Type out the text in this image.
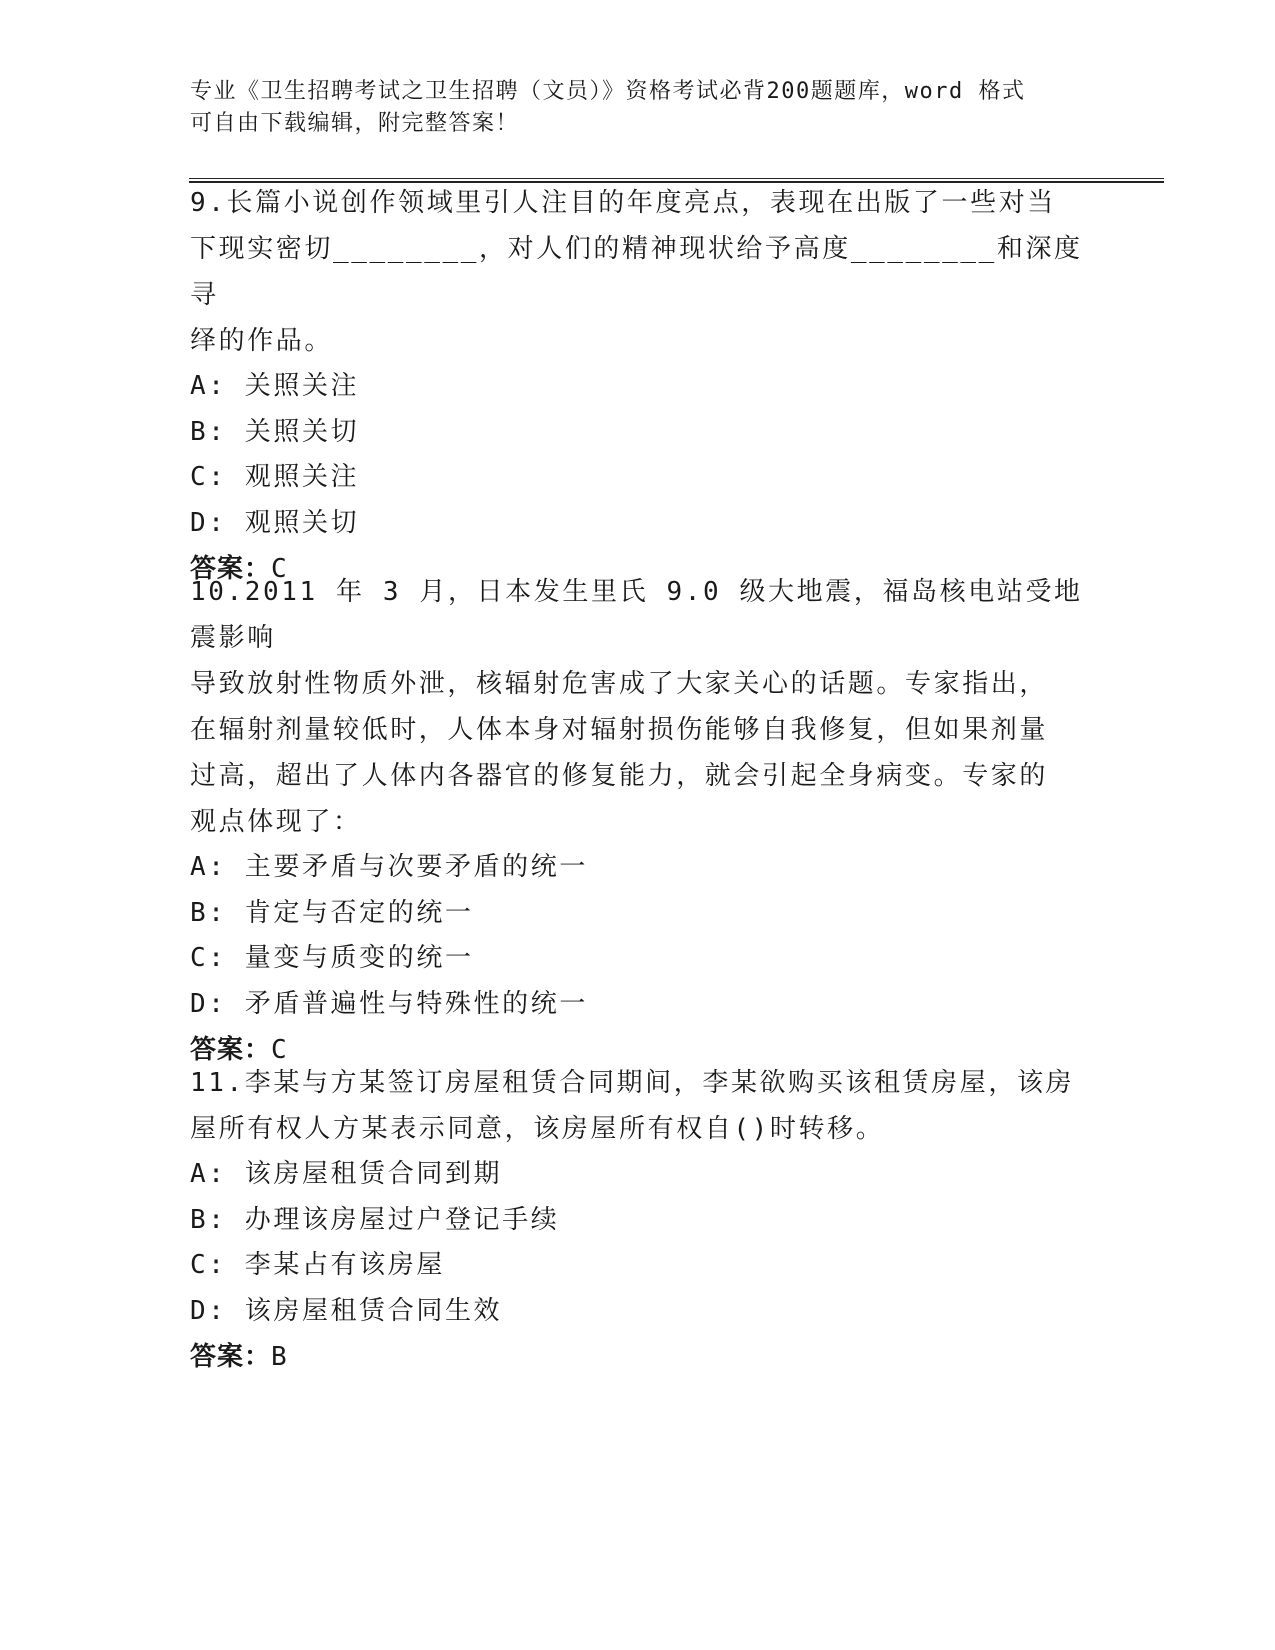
专业《卫生招聘考试之卫生招聘（文员）》资格考试必背200题题库，word 格式
可自由下载编辑，附完整答案！

9.长篇小说创作领域里引人注目的年度亮点，表现在出版了一些对当

下现实密切________，对人们的精神现状给予高度________和深度寻

绎的作品。

A: 关照关注

B: 关照关切

C: 观照关注

D: 观照关切

答案：C

10.2011 年 3 月，日本发生里氏 9.0 级大地震，福岛核电站受地震影响

导致放射性物质外泄，核辐射危害成了大家关心的话题。专家指出，

在辐射剂量较低时，人体本身对辐射损伤能够自我修复，但如果剂量

过高，超出了人体内各器官的修复能力，就会引起全身病变。专家的

观点体现了：

A: 主要矛盾与次要矛盾的统一

B: 肯定与否定的统一

C: 量变与质变的统一

D: 矛盾普遍性与特殊性的统一

答案：C

11.李某与方某签订房屋租赁合同期间，李某欲购买该租赁房屋，该房

屋所有权人方某表示同意，该房屋所有权自()时转移。

A: 该房屋租赁合同到期

B: 办理该房屋过户登记手续

C: 李某占有该房屋

D: 该房屋租赁合同生效

答案：B
